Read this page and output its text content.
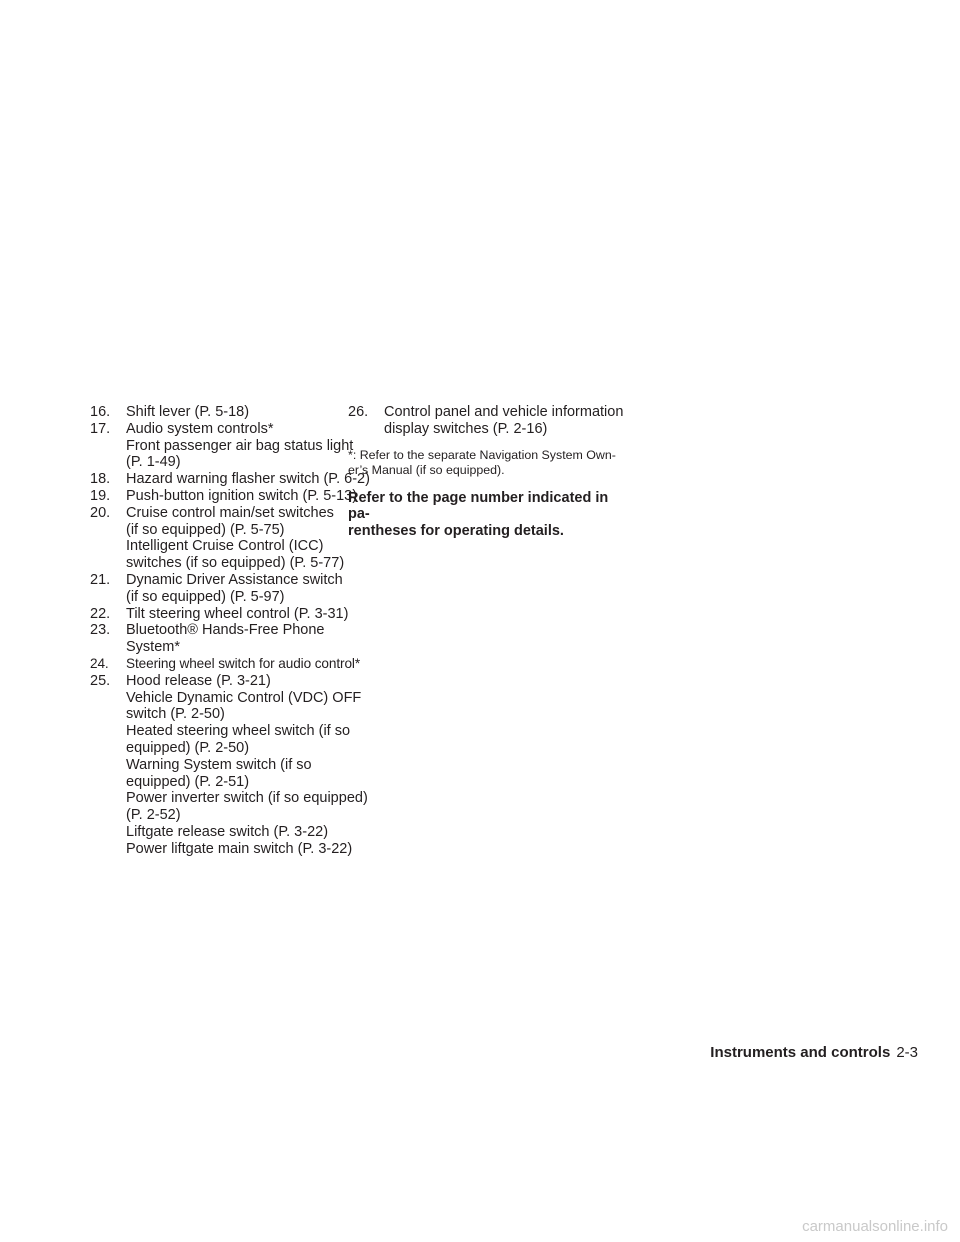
16. Shift lever (P. 5-18)
17. Audio system controls*
Front passenger air bag status light
(P. 1-49)
18. Hazard warning flasher switch (P. 6-2)
19. Push-button ignition switch (P. 5-13)
20. Cruise control main/set switches
(if so equipped) (P. 5-75)
Intelligent Cruise Control (ICC)
switches (if so equipped) (P. 5-77)
21. Dynamic Driver Assistance switch
(if so equipped) (P. 5-97)
22. Tilt steering wheel control (P. 3-31)
23. Bluetooth® Hands-Free Phone
System*
24. Steering wheel switch for audio control*
25. Hood release (P. 3-21)
Vehicle Dynamic Control (VDC) OFF
switch (P. 2-50)
Heated steering wheel switch (if so
equipped) (P. 2-50)
Warning System switch (if so
equipped) (P. 2-51)
Power inverter switch (if so equipped)
(P. 2-52)
Liftgate release switch (P. 3-22)
Power liftgate main switch (P. 3-22)
26. Control panel and vehicle information
display switches (P. 2-16)
*: Refer to the separate Navigation System Own-
er’s Manual (if so equipped).
Refer to the page number indicated in pa-
rentheses for operating details.
Instruments and controls 2-3
carmanualsonline.info
